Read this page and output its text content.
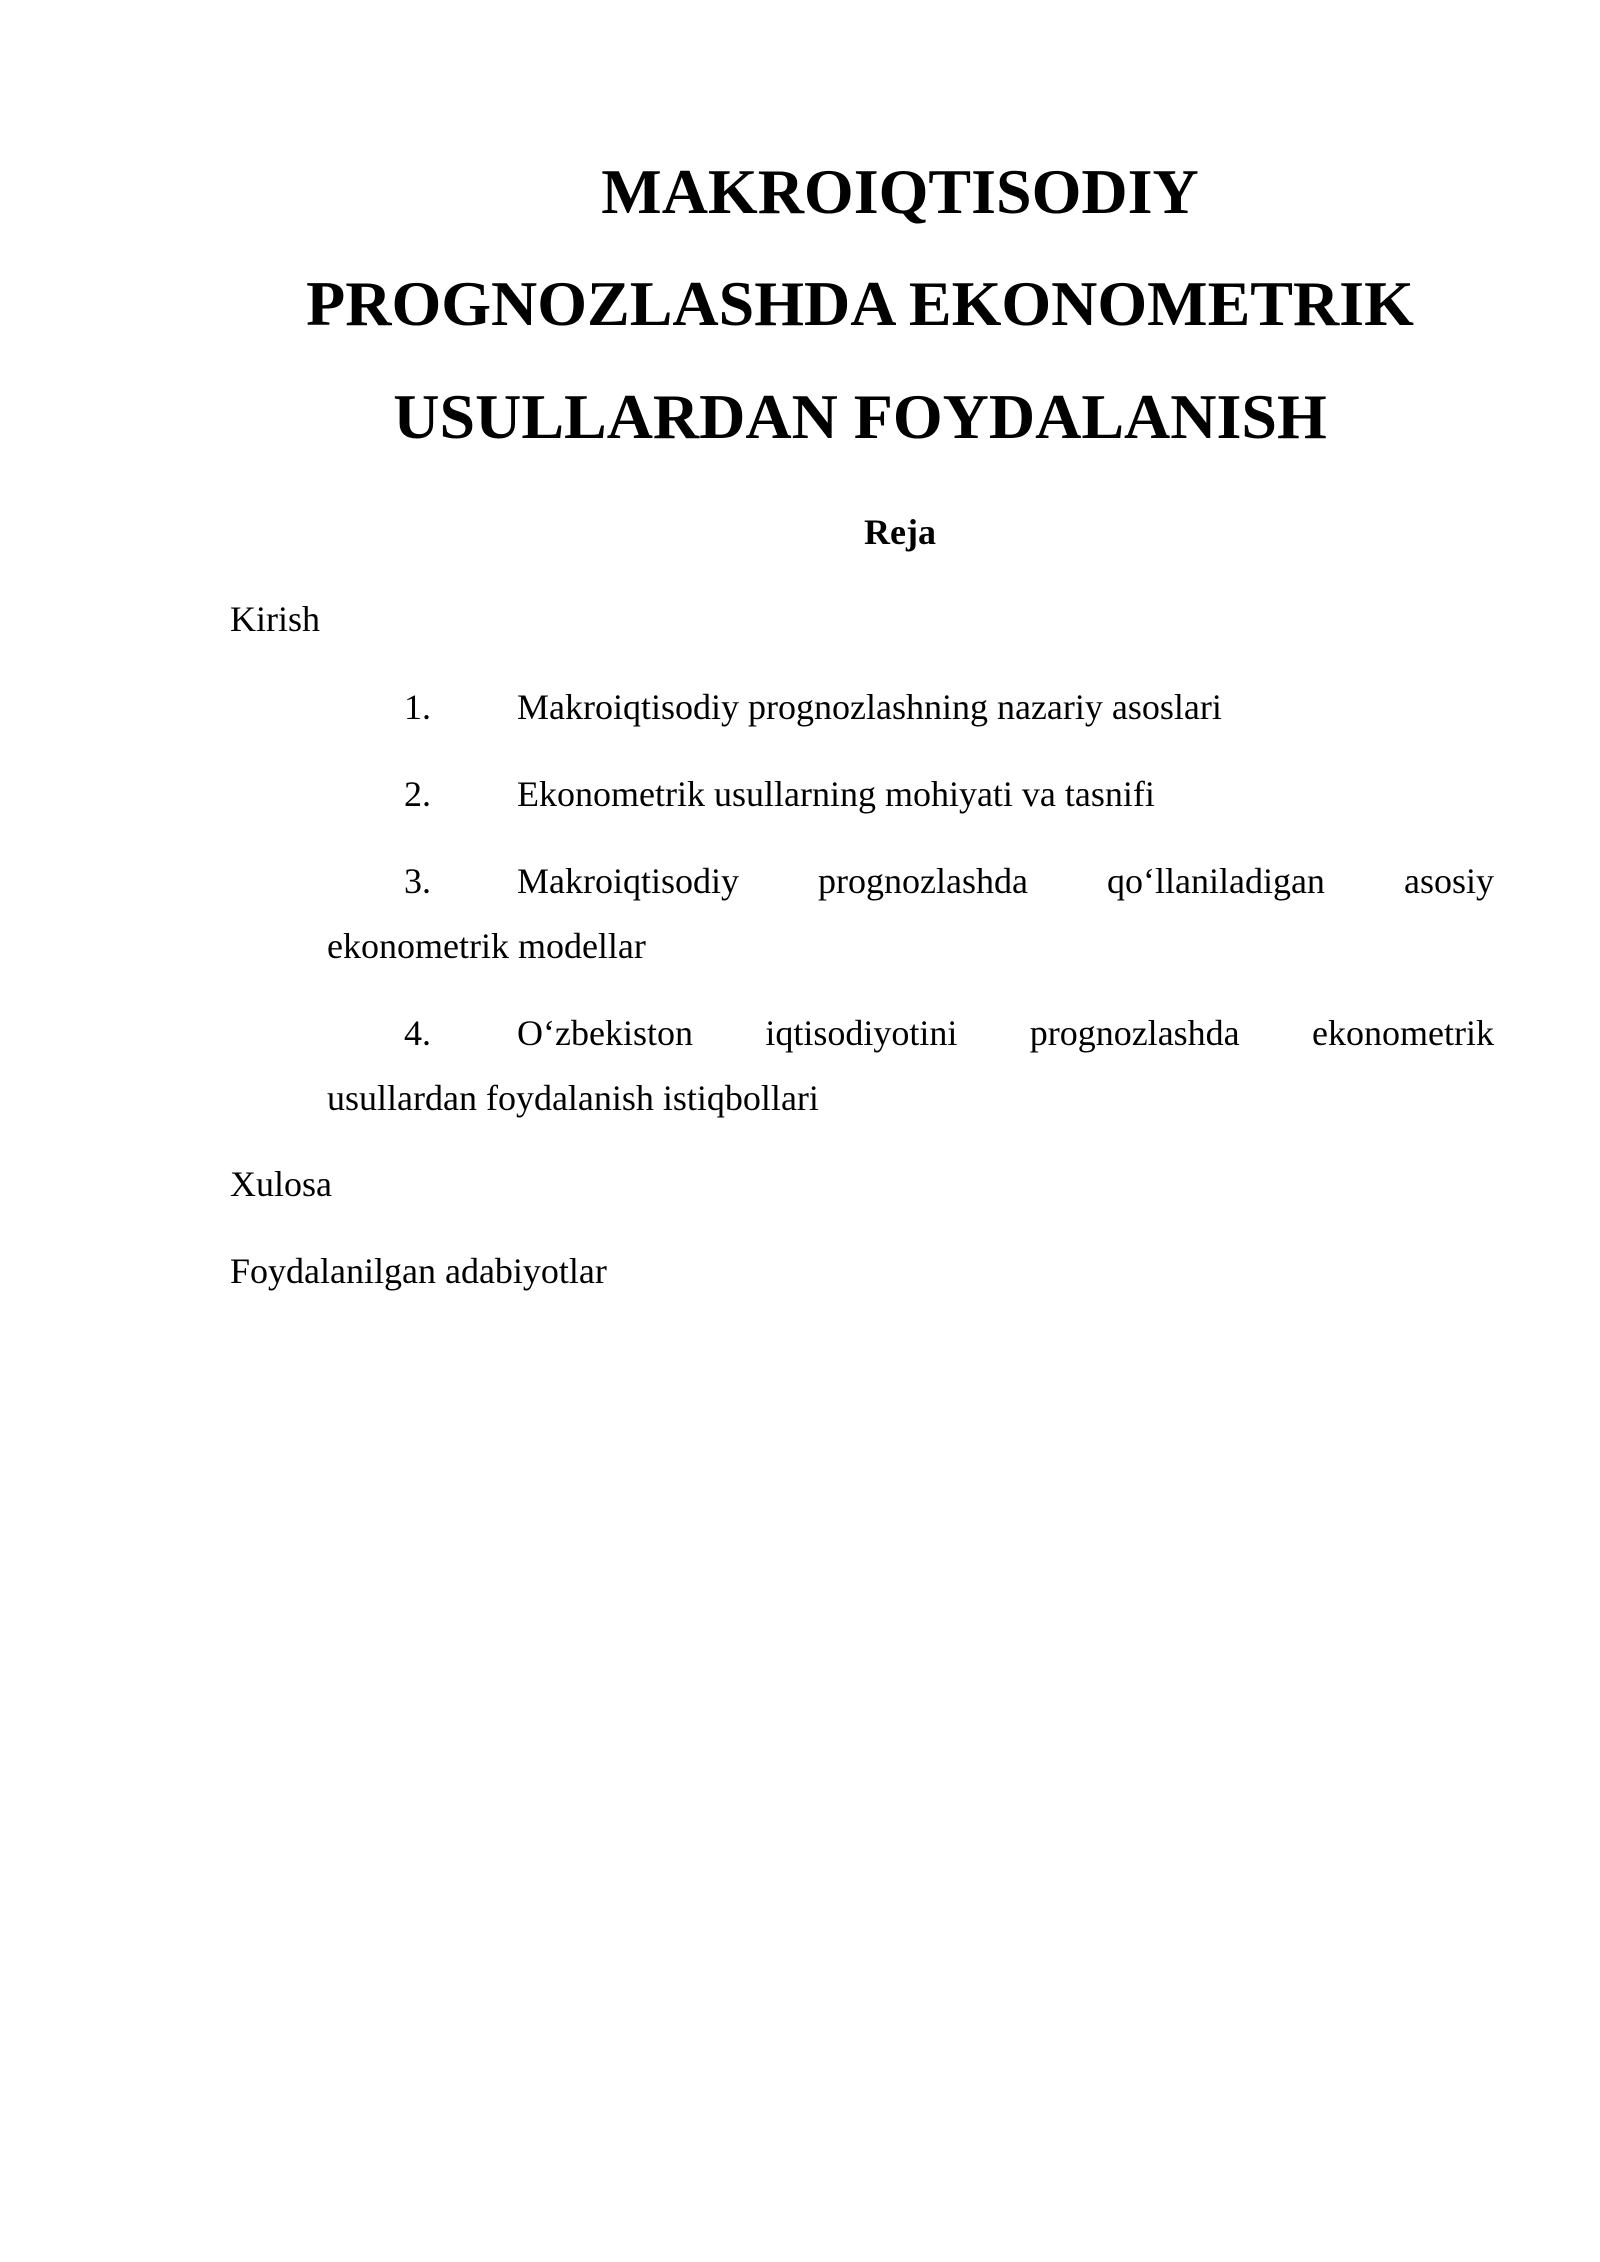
MAKROIQTISODIY
PROGNOZLASHDA EKONOMETRIK
USULLARDAN FOYDALANISH
Reja
Kirish
1. Makroiqtisodiy prognozlashning nazariy asoslari
2. Ekonometrik usullarning mohiyati va tasnifi
3. Makroiqtisodiy prognozlashda qo‘llaniladigan asosiy
ekonometrik modellar
4. O‘zbekiston iqtisodiyotini prognozlashda ekonometrik
usullardan foydalanish istiqbollari
Xulosa
Foydalanilgan adabiyotlar
